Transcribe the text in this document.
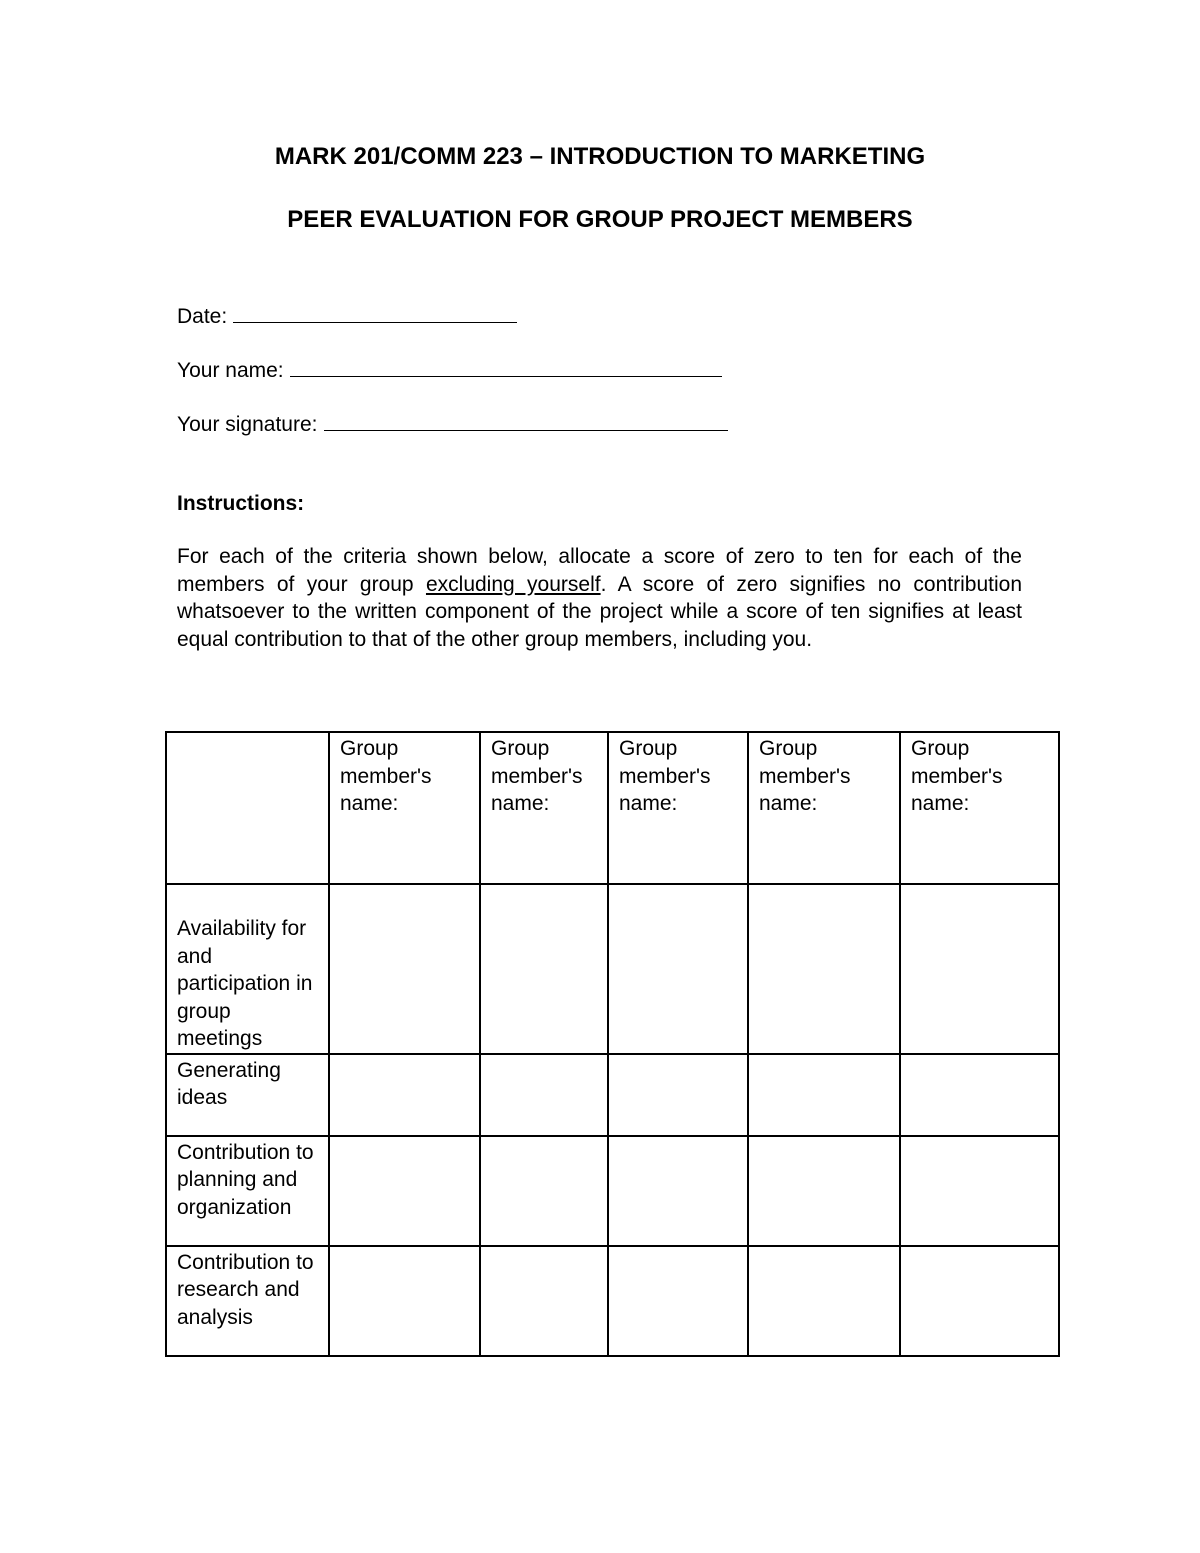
MARK 201/COMM 223 – INTRODUCTION TO MARKETING
PEER EVALUATION FOR GROUP PROJECT MEMBERS
Date:
Your name:
Your signature:

Instructions:

For each of the criteria shown below, allocate a score of zero to ten for each of the members of your group excluding yourself. A score of zero signifies no contribution whatsoever to the written component of the project while a score of ten signifies at least equal contribution to that of the other group members, including you.

	Group member's name:	Group member's name:	Group member's name:	Group member's name:	Group member's name:

Availability for and participation in group meetings					
Generating ideas					
Contribution to planning and organization					
Contribution to research and analysis					
